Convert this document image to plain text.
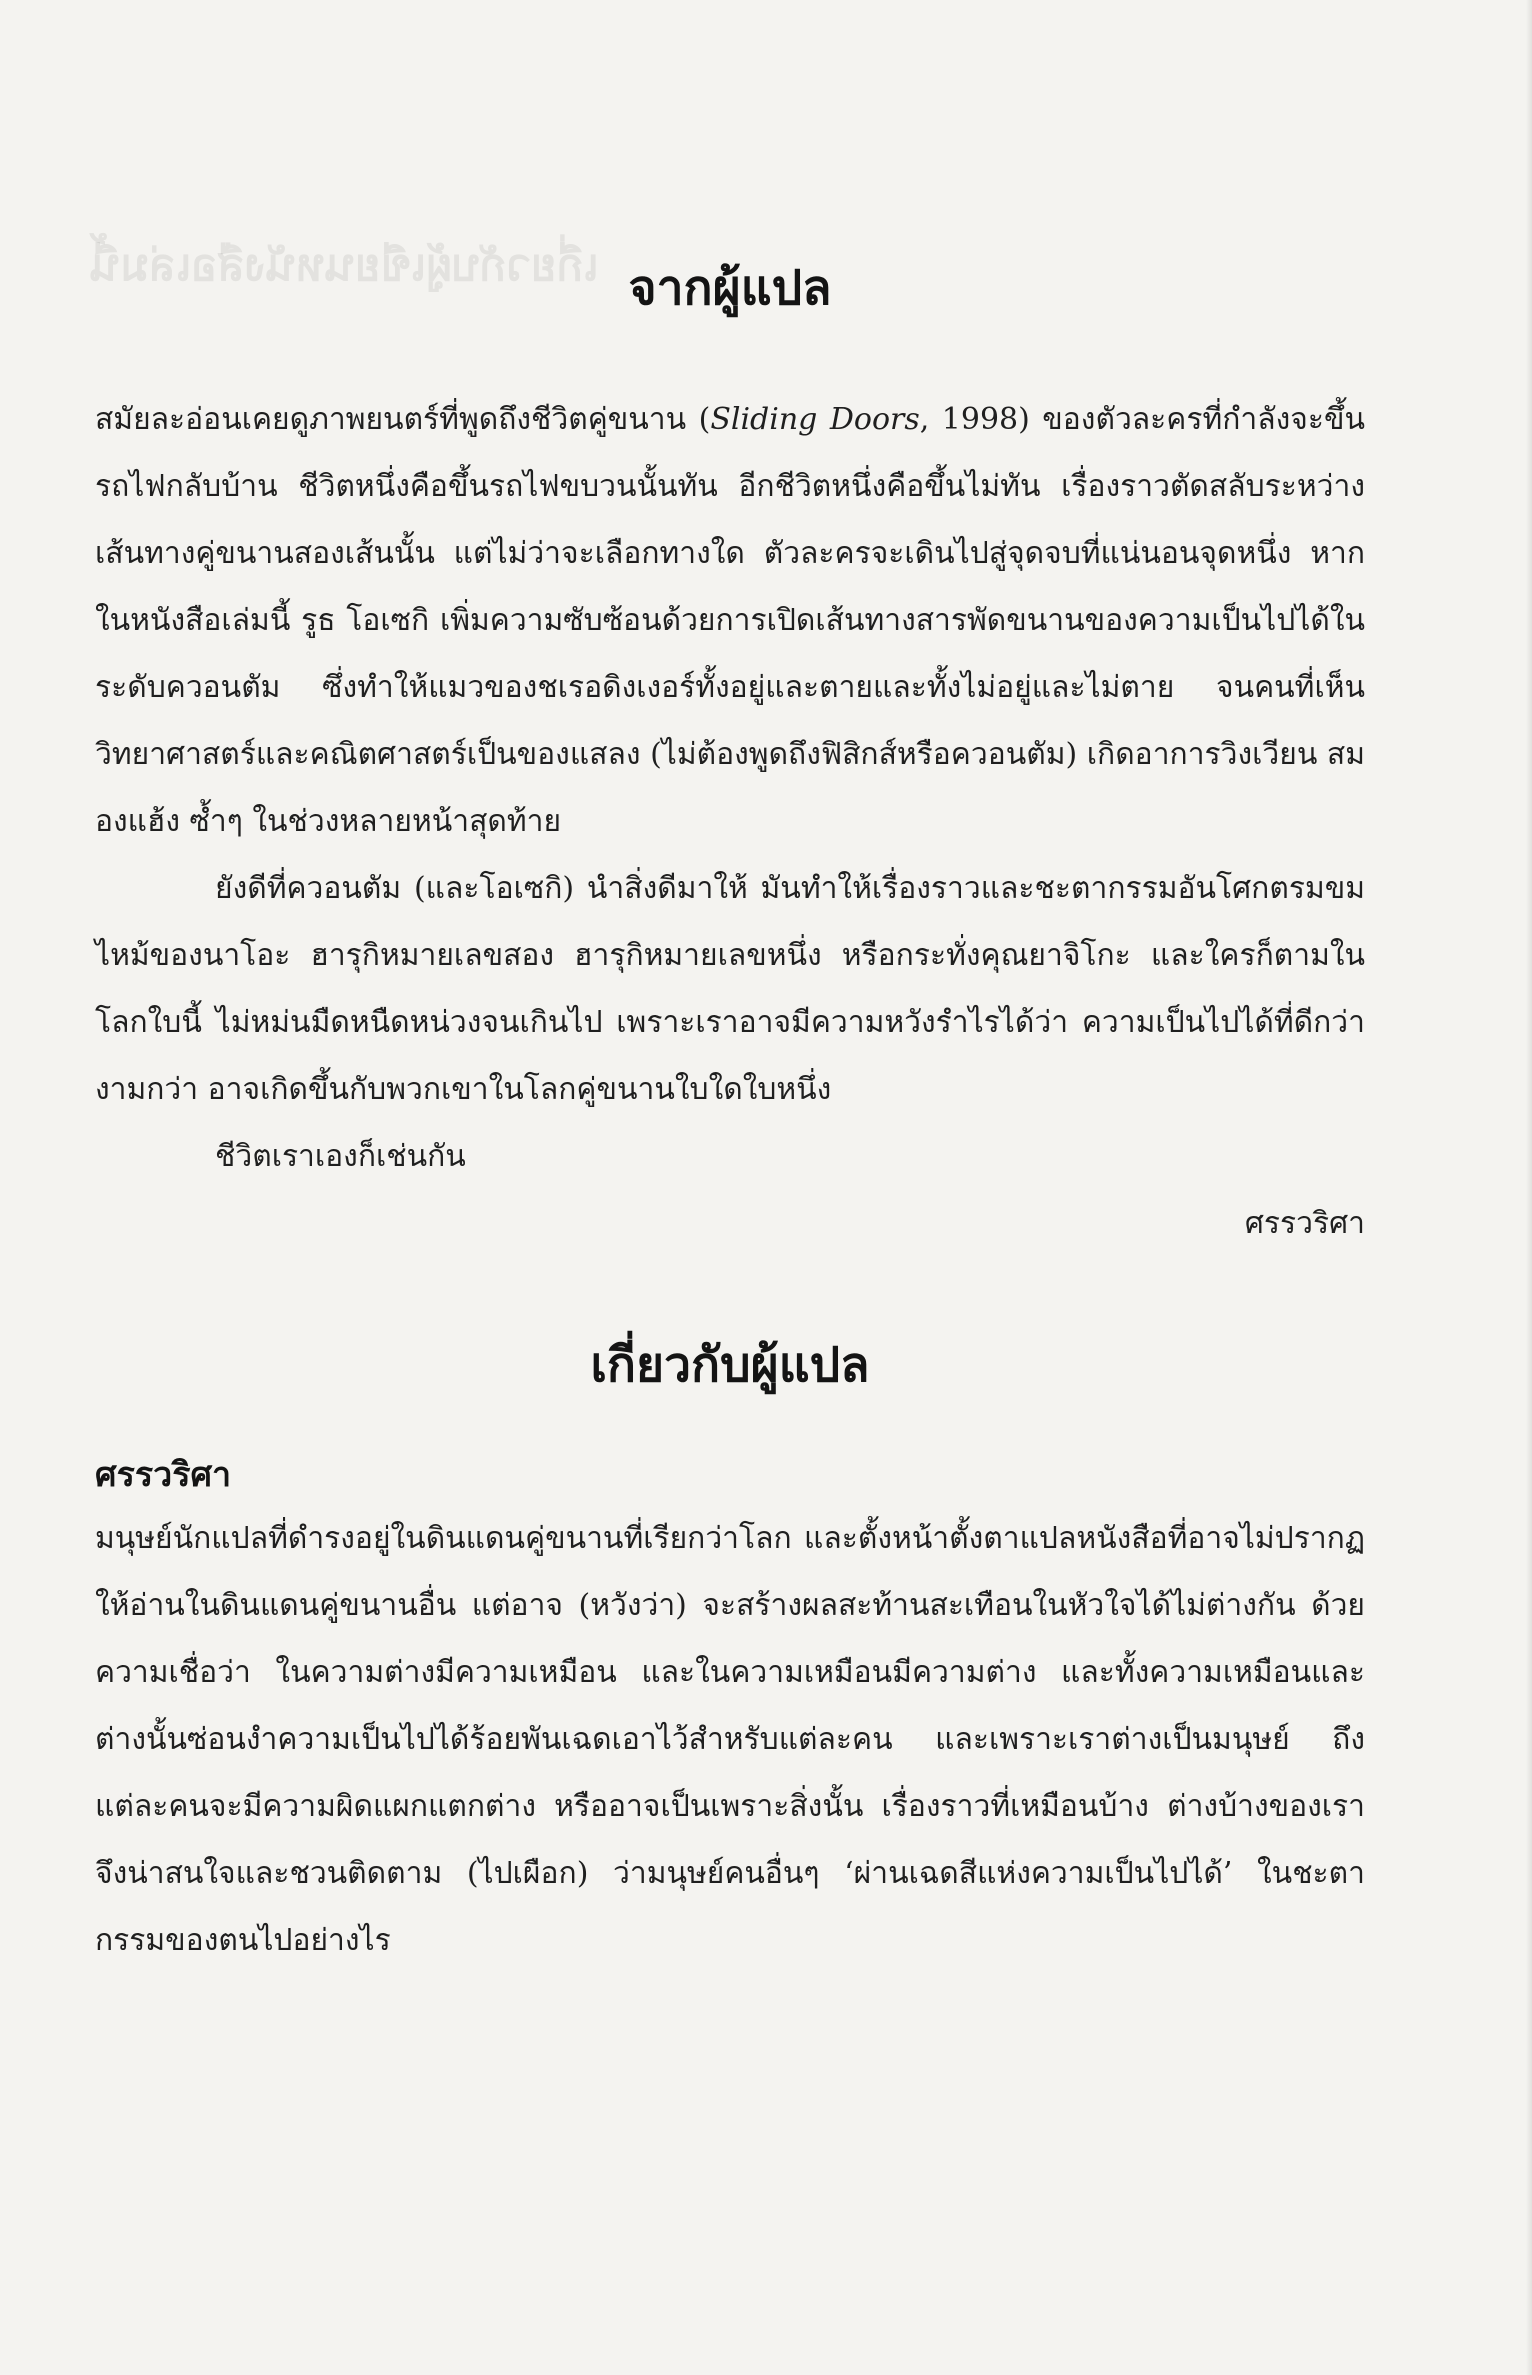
เกี่ยวกับผู้เขียนหนังสือเล่มนี้ จากผู้แปล

สมัยละอ่อนเคยดูภาพยนตร์ที่พูดถึงชีวิตคู่ขนาน (Sliding Doors, 1998) ของตัวละครที่กำลังจะขึ้นรถไฟกลับบ้าน ชีวิตหนึ่งคือขึ้นรถไฟขบวนนั้นทัน อีกชีวิตหนึ่งคือขึ้นไม่ทัน เรื่องราวตัดสลับระหว่างเส้นทางคู่ขนานสองเส้นนั้น แต่ไม่ว่าจะเลือกทางใด ตัวละครจะเดินไปสู่จุดจบที่แน่นอนจุดหนึ่ง หากในหนังสือเล่มนี้ รูธ โอเซกิ เพิ่มความซับซ้อนด้วยการเปิดเส้นทางสารพัดขนานของความเป็นไปได้ในระดับควอนตัม ซึ่งทำให้แมวของชเรอดิงเงอร์ทั้งอยู่และตายและทั้งไม่อยู่และไม่ตาย จนคนที่เห็นวิทยาศาสตร์และคณิตศาสตร์เป็นของแสลง (ไม่ต้องพูดถึงฟิสิกส์หรือควอนตัม) เกิดอาการวิงเวียน สมองแฮ้ง ซ้ำๆ ในช่วงหลายหน้าสุดท้าย

ยังดีที่ควอนตัม (และโอเซกิ) นำสิ่งดีมาให้ มันทำให้เรื่องราวและชะตากรรมอันโศกตรมขมไหม้ของนาโอะ ฮารุกิหมายเลขสอง ฮารุกิหมายเลขหนึ่ง หรือกระทั่งคุณยาจิโกะ และใครก็ตามในโลกใบนี้ ไม่หม่นมืดหนืดหน่วงจนเกินไป เพราะเราอาจมีความหวังรำไรได้ว่า ความเป็นไปได้ที่ดีกว่า งามกว่า อาจเกิดขึ้นกับพวกเขาในโลกคู่ขนานใบใดใบหนึ่ง

ชีวิตเราเองก็เช่นกัน

ศรรวริศา

เกี่ยวกับผู้แปล

ศรรวริศา

มนุษย์นักแปลที่ดำรงอยู่ในดินแดนคู่ขนานที่เรียกว่าโลก และตั้งหน้าตั้งตาแปลหนังสือที่อาจไม่ปรากฏให้อ่านในดินแดนคู่ขนานอื่น แต่อาจ (หวังว่า) จะสร้างผลสะท้านสะเทือนในหัวใจได้ไม่ต่างกัน ด้วยความเชื่อว่า ในความต่างมีความเหมือน และในความเหมือนมีความต่าง และทั้งความเหมือนและต่างนั้นซ่อนงำความเป็นไปได้ร้อยพันเฉดเอาไว้สำหรับแต่ละคน และเพราะเราต่างเป็นมนุษย์ ถึงแต่ละคนจะมีความผิดแผกแตกต่าง หรืออาจเป็นเพราะสิ่งนั้น เรื่องราวที่เหมือนบ้าง ต่างบ้างของเราจึงน่าสนใจและชวนติดตาม (ไปเผือก) ว่ามนุษย์คนอื่นๆ ‘ผ่านเฉดสีแห่งความเป็นไปได้’ ในชะตากรรมของตนไปอย่างไร
